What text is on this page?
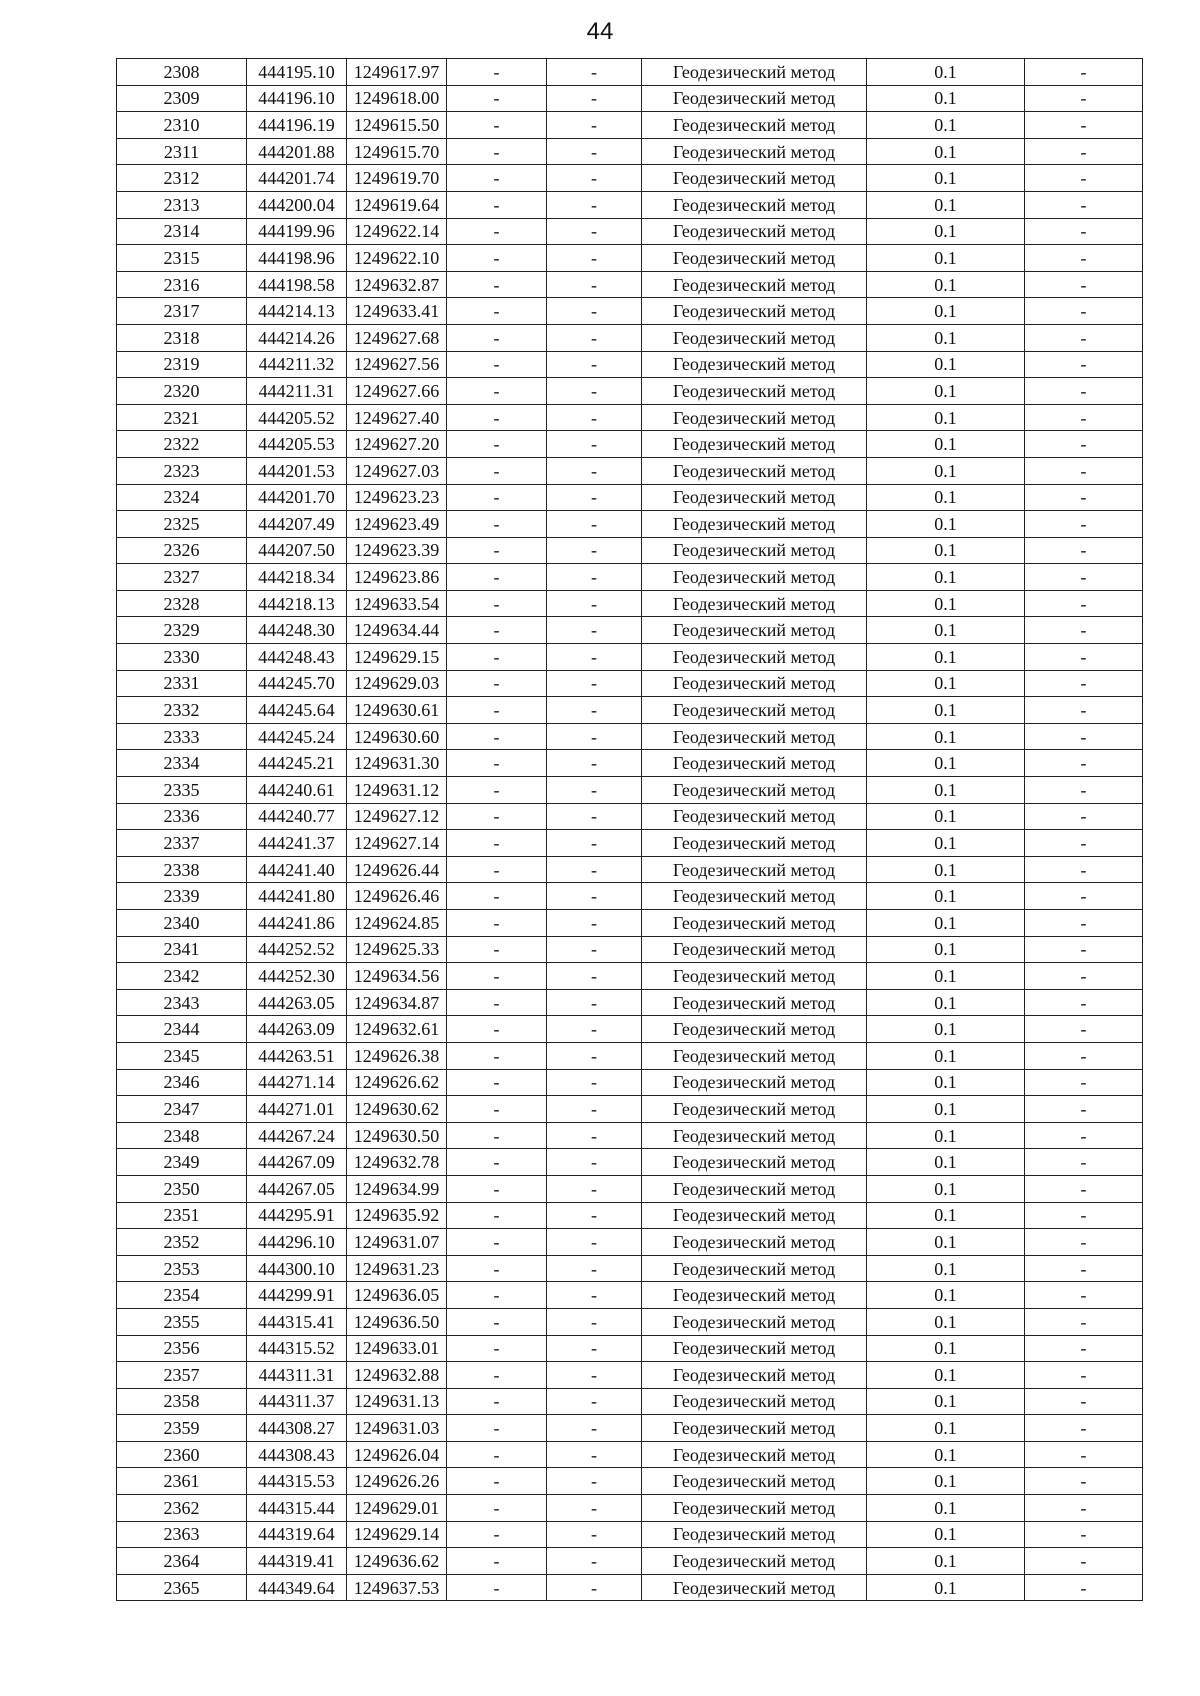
44
2308	444195.10	1249617.97	-	-	Геодезический метод	0.1	-
2309	444196.10	1249618.00	-	-	Геодезический метод	0.1	-
2310	444196.19	1249615.50	-	-	Геодезический метод	0.1	-
2311	444201.88	1249615.70	-	-	Геодезический метод	0.1	-
2312	444201.74	1249619.70	-	-	Геодезический метод	0.1	-
2313	444200.04	1249619.64	-	-	Геодезический метод	0.1	-
2314	444199.96	1249622.14	-	-	Геодезический метод	0.1	-
2315	444198.96	1249622.10	-	-	Геодезический метод	0.1	-
2316	444198.58	1249632.87	-	-	Геодезический метод	0.1	-
2317	444214.13	1249633.41	-	-	Геодезический метод	0.1	-
2318	444214.26	1249627.68	-	-	Геодезический метод	0.1	-
2319	444211.32	1249627.56	-	-	Геодезический метод	0.1	-
2320	444211.31	1249627.66	-	-	Геодезический метод	0.1	-
2321	444205.52	1249627.40	-	-	Геодезический метод	0.1	-
2322	444205.53	1249627.20	-	-	Геодезический метод	0.1	-
2323	444201.53	1249627.03	-	-	Геодезический метод	0.1	-
2324	444201.70	1249623.23	-	-	Геодезический метод	0.1	-
2325	444207.49	1249623.49	-	-	Геодезический метод	0.1	-
2326	444207.50	1249623.39	-	-	Геодезический метод	0.1	-
2327	444218.34	1249623.86	-	-	Геодезический метод	0.1	-
2328	444218.13	1249633.54	-	-	Геодезический метод	0.1	-
2329	444248.30	1249634.44	-	-	Геодезический метод	0.1	-
2330	444248.43	1249629.15	-	-	Геодезический метод	0.1	-
2331	444245.70	1249629.03	-	-	Геодезический метод	0.1	-
2332	444245.64	1249630.61	-	-	Геодезический метод	0.1	-
2333	444245.24	1249630.60	-	-	Геодезический метод	0.1	-
2334	444245.21	1249631.30	-	-	Геодезический метод	0.1	-
2335	444240.61	1249631.12	-	-	Геодезический метод	0.1	-
2336	444240.77	1249627.12	-	-	Геодезический метод	0.1	-
2337	444241.37	1249627.14	-	-	Геодезический метод	0.1	-
2338	444241.40	1249626.44	-	-	Геодезический метод	0.1	-
2339	444241.80	1249626.46	-	-	Геодезический метод	0.1	-
2340	444241.86	1249624.85	-	-	Геодезический метод	0.1	-
2341	444252.52	1249625.33	-	-	Геодезический метод	0.1	-
2342	444252.30	1249634.56	-	-	Геодезический метод	0.1	-
2343	444263.05	1249634.87	-	-	Геодезический метод	0.1	-
2344	444263.09	1249632.61	-	-	Геодезический метод	0.1	-
2345	444263.51	1249626.38	-	-	Геодезический метод	0.1	-
2346	444271.14	1249626.62	-	-	Геодезический метод	0.1	-
2347	444271.01	1249630.62	-	-	Геодезический метод	0.1	-
2348	444267.24	1249630.50	-	-	Геодезический метод	0.1	-
2349	444267.09	1249632.78	-	-	Геодезический метод	0.1	-
2350	444267.05	1249634.99	-	-	Геодезический метод	0.1	-
2351	444295.91	1249635.92	-	-	Геодезический метод	0.1	-
2352	444296.10	1249631.07	-	-	Геодезический метод	0.1	-
2353	444300.10	1249631.23	-	-	Геодезический метод	0.1	-
2354	444299.91	1249636.05	-	-	Геодезический метод	0.1	-
2355	444315.41	1249636.50	-	-	Геодезический метод	0.1	-
2356	444315.52	1249633.01	-	-	Геодезический метод	0.1	-
2357	444311.31	1249632.88	-	-	Геодезический метод	0.1	-
2358	444311.37	1249631.13	-	-	Геодезический метод	0.1	-
2359	444308.27	1249631.03	-	-	Геодезический метод	0.1	-
2360	444308.43	1249626.04	-	-	Геодезический метод	0.1	-
2361	444315.53	1249626.26	-	-	Геодезический метод	0.1	-
2362	444315.44	1249629.01	-	-	Геодезический метод	0.1	-
2363	444319.64	1249629.14	-	-	Геодезический метод	0.1	-
2364	444319.41	1249636.62	-	-	Геодезический метод	0.1	-
2365	444349.64	1249637.53	-	-	Геодезический метод	0.1	-
